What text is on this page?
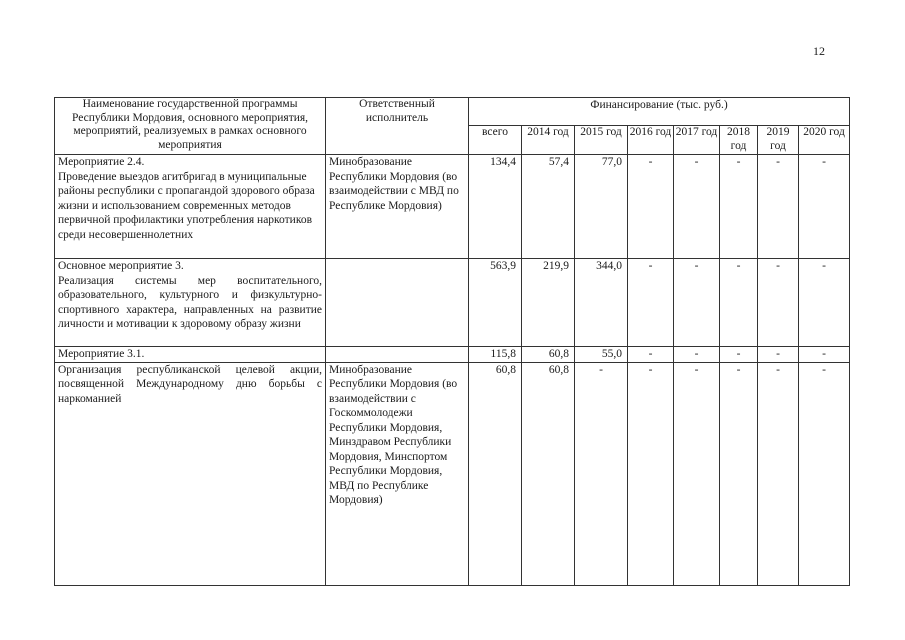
12
Наименование государственной программы Республики Мордовия, основного мероприятия, мероприятий, реализуемых в рамках основного мероприятия	Ответственный исполнитель	Финансирование (тыс. руб.)							
		всего	2014 год	2015 год	2016 год	2017 год	2018 год	2019 год	2020 год
Мероприятие 2.4.
Проведение выездов агитбригад в муниципальные районы республики с пропагандой здорового образа жизни и использованием современных методов первичной профилактики употребления наркотиков среди несовершеннолетних	Минобразование Республики Мордовия (во взаимодействии с МВД по Республике Мордовия)	134,4	57,4	77,0	-	-	-	-	-
Основное мероприятие 3.
Реализация системы мер воспитательного, образовательного, культурного и физкультурно-спортивного характера, направленных на развитие личности и мотивации к здоровому образу жизни		563,9	219,9	344,0	-	-	-	-	-
Мероприятие 3.1.		115,8	60,8	55,0	-	-	-	-	-
Организация республиканской целевой акции, посвященной Международному дню борьбы с наркоманией	Минобразование Республики Мордовия (во взаимодействии с Госкоммолодежи Республики Мордовия, Минздравом Республики Мордовия, Минспортом Республики Мордовия, МВД по Республике Мордовия)	60,8	60,8	-	-	-	-	-	-
